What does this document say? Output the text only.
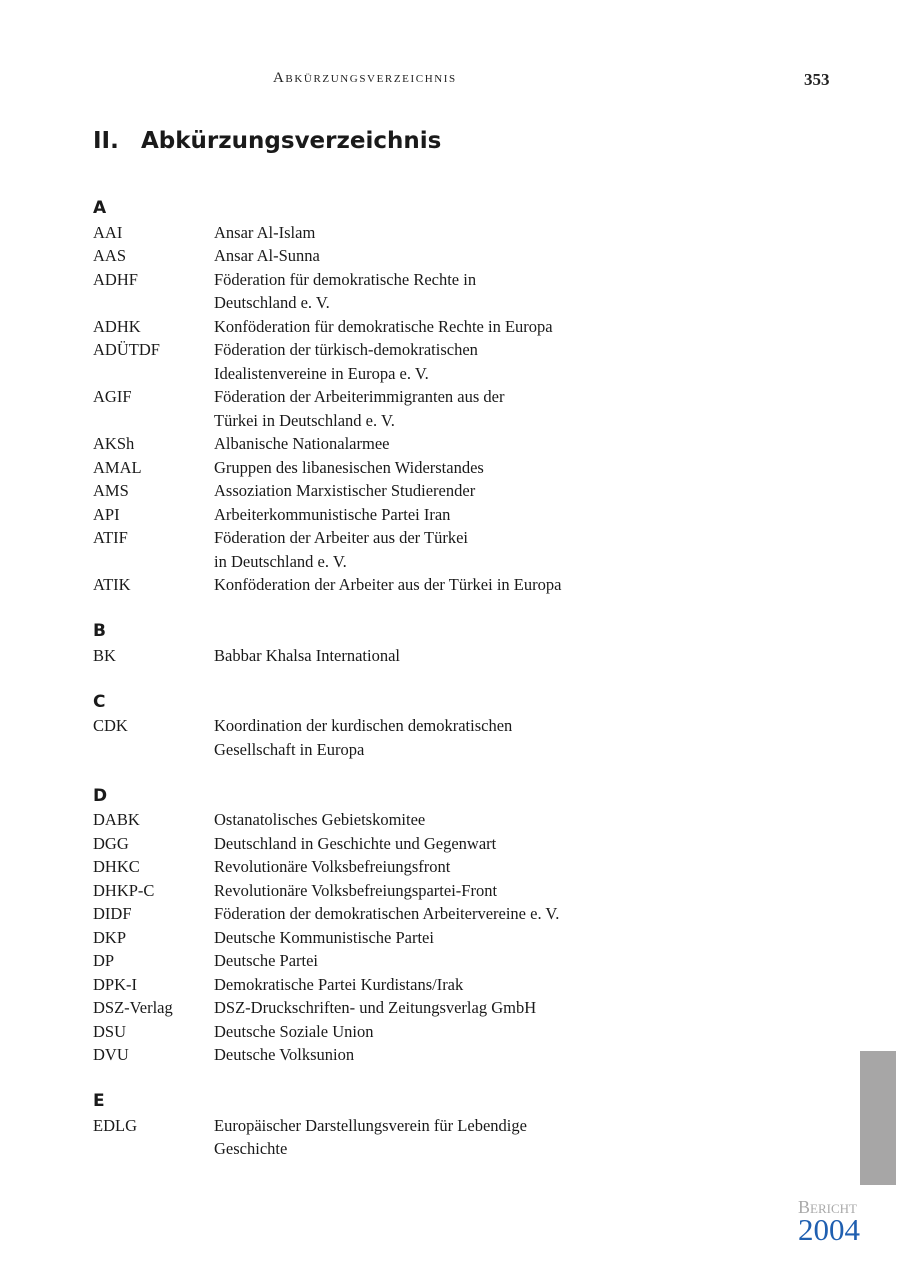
Abkürzungsverzeichnis	353
II. Abkürzungsverzeichnis
A
AAI	Ansar Al-Islam
AAS	Ansar Al-Sunna
ADHF	Föderation für demokratische Rechte in
Deutschland e. V.
ADHK	Konföderation für demokratische Rechte in Europa
ADÜTDF	Föderation der türkisch-demokratischen
Idealistenvereine in Europa e. V.
AGIF	Föderation der Arbeiterimmigranten aus der
Türkei in Deutschland e. V.
AKSh	Albanische Nationalarmee
AMAL	Gruppen des libanesischen Widerstandes
AMS	Assoziation Marxistischer Studierender
API	Arbeiterkommunistische Partei Iran
ATIF	Föderation der Arbeiter aus der Türkei
in Deutschland e. V.
ATIK	Konföderation der Arbeiter aus der Türkei in Europa
B
BK	Babbar Khalsa International
C
CDK	Koordination der kurdischen demokratischen
Gesellschaft in Europa
D
DABK	Ostanatolisches Gebietskomitee
DGG	Deutschland in Geschichte und Gegenwart
DHKC	Revolutionäre Volksbefreiungsfront
DHKP-C	Revolutionäre Volksbefreiungspartei-Front
DIDF	Föderation der demokratischen Arbeitervereine e. V.
DKP	Deutsche Kommunistische Partei
DP	Deutsche Partei
DPK-I	Demokratische Partei Kurdistans/Irak
DSZ-Verlag	DSZ-Druckschriften- und Zeitungsverlag GmbH
DSU	Deutsche Soziale Union
DVU	Deutsche Volksunion
E
EDLG	Europäischer Darstellungsverein für Lebendige
Geschichte
Bericht
2004
